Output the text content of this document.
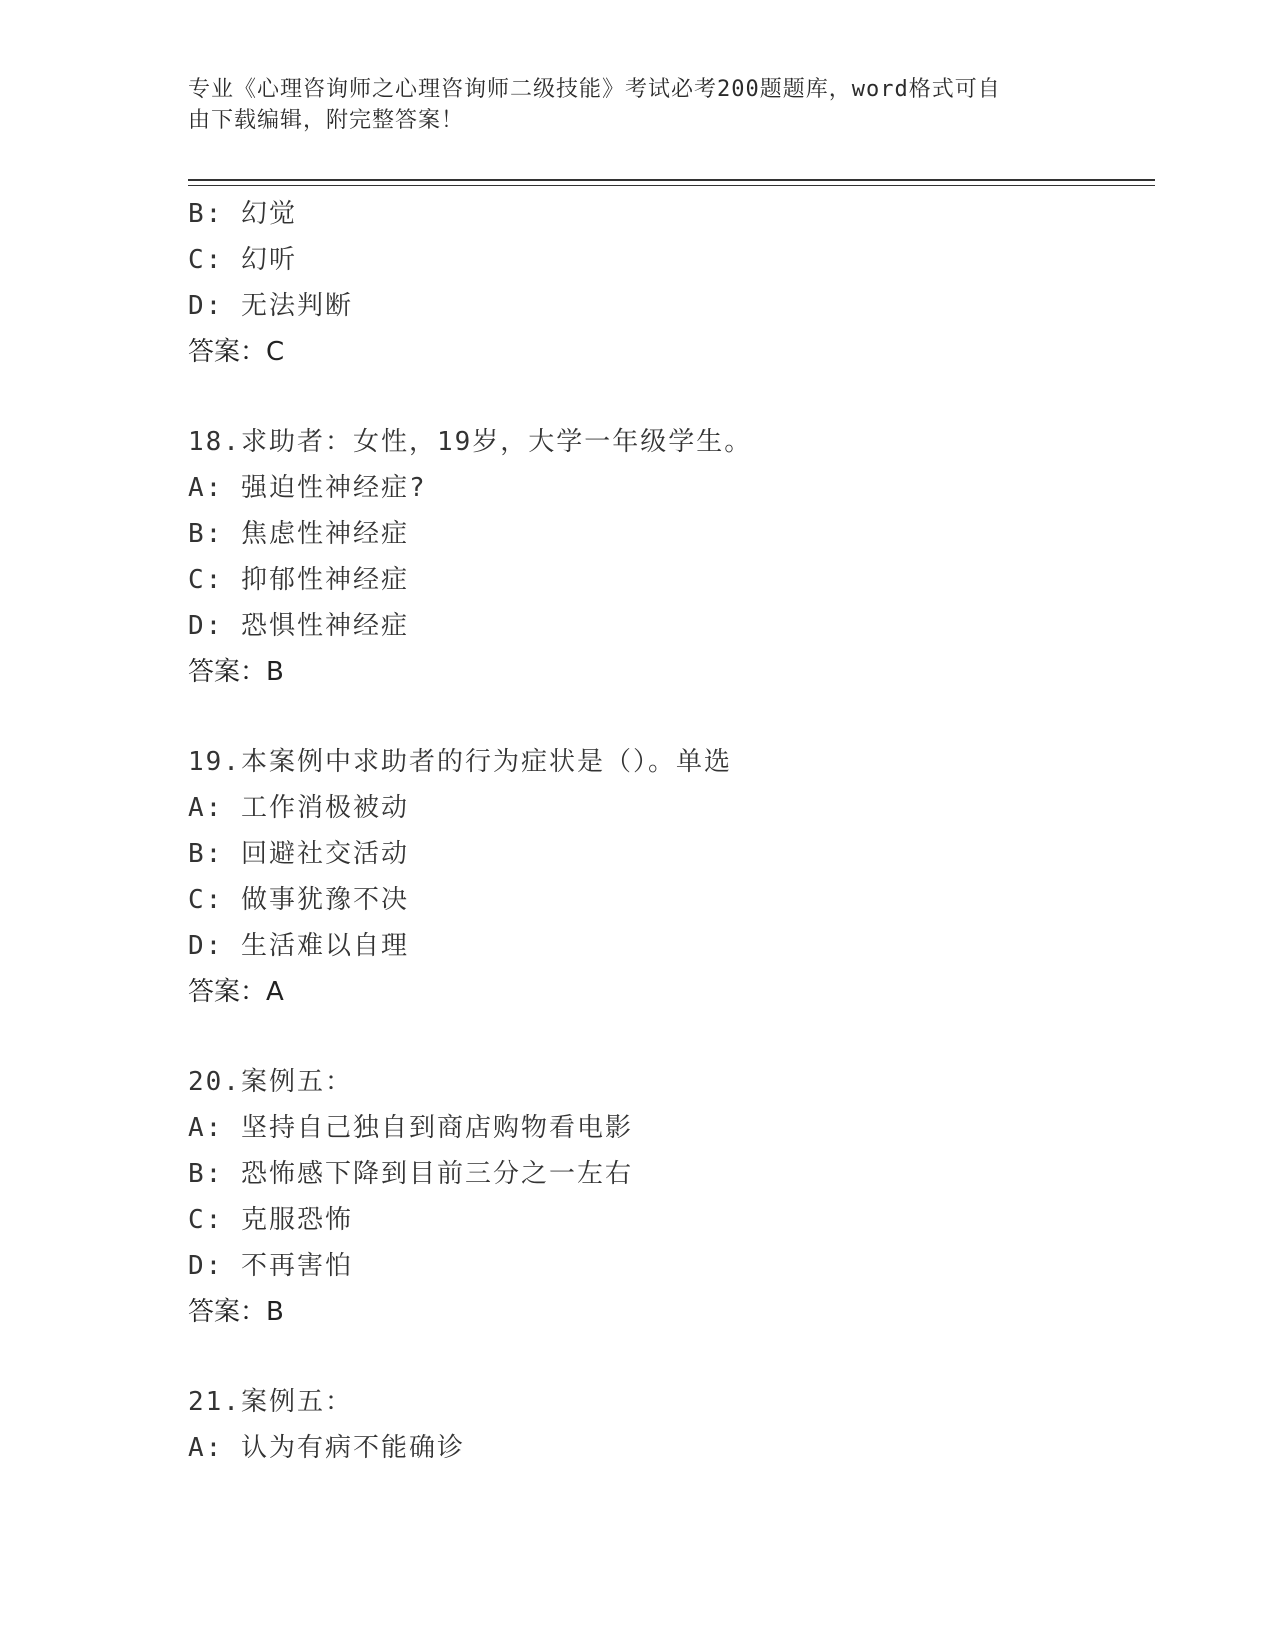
专业《心理咨询师之心理咨询师二级技能》考试必考200题题库，word格式可自
由下载编辑，附完整答案！
B: 幻觉
C: 幻听
D: 无法判断
答案：C
18.求助者：女性，19岁，大学一年级学生。
A: 强迫性神经症?
B: 焦虑性神经症
C: 抑郁性神经症
D: 恐惧性神经症
答案：B
19.本案例中求助者的行为症状是（）。单选
A: 工作消极被动
B: 回避社交活动
C: 做事犹豫不决
D: 生活难以自理
答案：A
20.案例五：
A: 坚持自己独自到商店购物看电影
B: 恐怖感下降到目前三分之一左右
C: 克服恐怖
D: 不再害怕
答案：B
21.案例五：
A: 认为有病不能确诊
